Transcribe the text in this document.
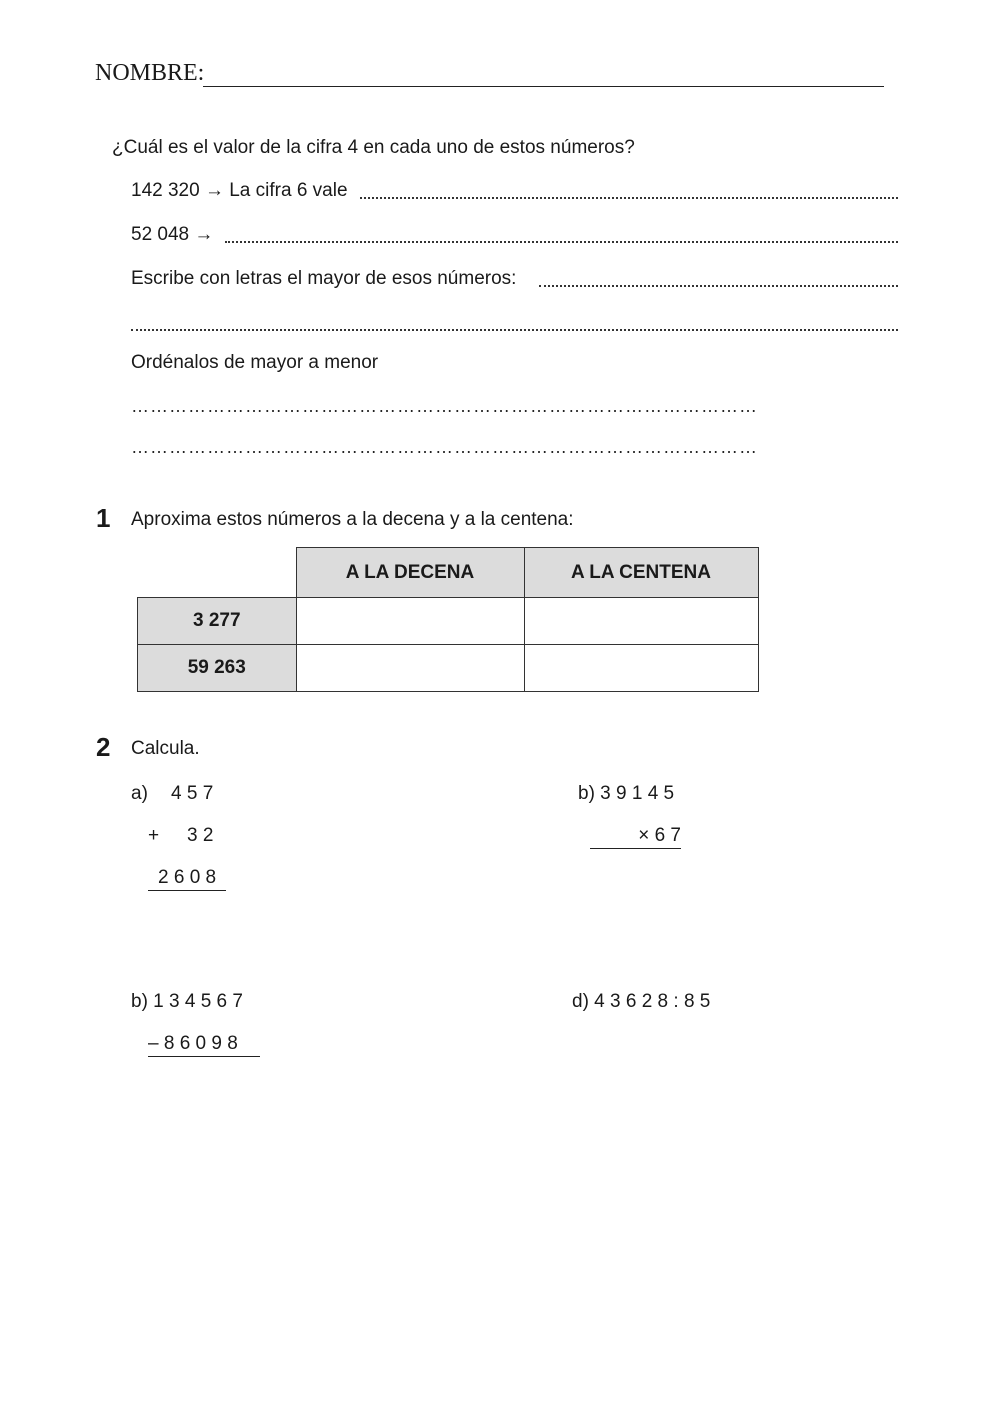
NOMBRE:
¿Cuál es el valor de la cifra 4 en cada uno de estos números?
142 320 → La cifra 6 vale
52 048 →
Escribe con letras el mayor de esos números:
Ordénalos de mayor a menor
………………………………………………………………………………………
………………………………………………………………………………………
1 Aproxima estos números a la decena y a la centena:
	A LA DECENA	A LA CENTENA
3 277		
59 263		
2 Calcula.
a) 4 5 7
+ 3 2
2 6 0 8
b) 3 9 1 4 5
× 6 7
b) 1 3 4 5 6 7
– 8 6 0 9 8
d) 4 3 6 2 8 : 8 5
